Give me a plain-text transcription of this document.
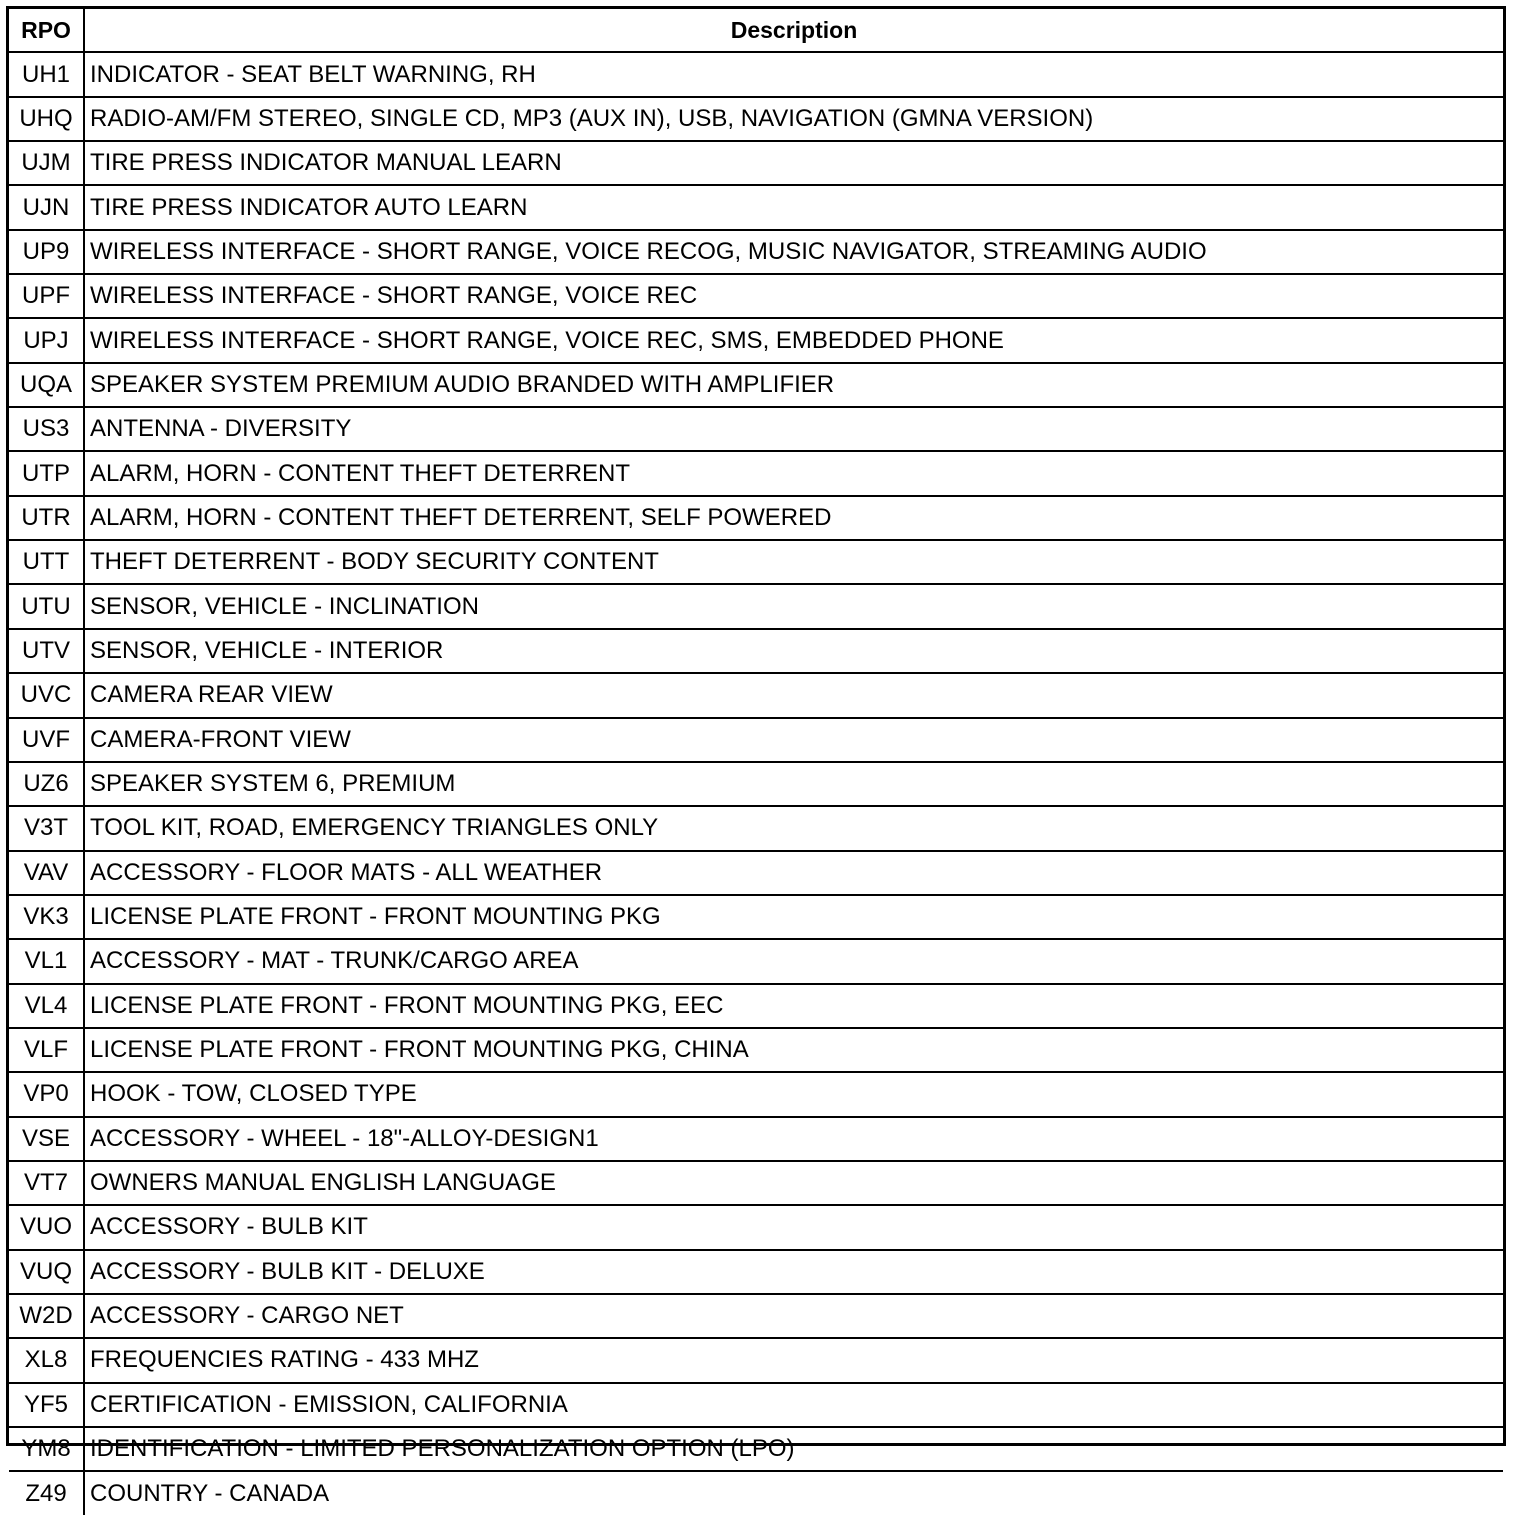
RPO	Description
UH1	INDICATOR - SEAT BELT WARNING, RH
UHQ	RADIO-AM/FM STEREO, SINGLE CD, MP3 (AUX IN), USB, NAVIGATION (GMNA VERSION)
UJM	TIRE PRESS INDICATOR MANUAL LEARN
UJN	TIRE PRESS INDICATOR AUTO LEARN
UP9	WIRELESS INTERFACE - SHORT RANGE, VOICE RECOG, MUSIC NAVIGATOR, STREAMING AUDIO
UPF	WIRELESS INTERFACE - SHORT RANGE, VOICE REC
UPJ	WIRELESS INTERFACE - SHORT RANGE, VOICE REC, SMS, EMBEDDED PHONE
UQA	SPEAKER SYSTEM PREMIUM AUDIO BRANDED WITH AMPLIFIER
US3	ANTENNA - DIVERSITY
UTP	ALARM, HORN - CONTENT THEFT DETERRENT
UTR	ALARM, HORN - CONTENT THEFT DETERRENT, SELF POWERED
UTT	THEFT DETERRENT - BODY SECURITY CONTENT
UTU	SENSOR, VEHICLE - INCLINATION
UTV	SENSOR, VEHICLE - INTERIOR
UVC	CAMERA REAR VIEW
UVF	CAMERA-FRONT VIEW
UZ6	SPEAKER SYSTEM 6, PREMIUM
V3T	TOOL KIT, ROAD, EMERGENCY TRIANGLES ONLY
VAV	ACCESSORY - FLOOR MATS - ALL WEATHER
VK3	LICENSE PLATE FRONT - FRONT MOUNTING PKG
VL1	ACCESSORY - MAT - TRUNK/CARGO AREA
VL4	LICENSE PLATE FRONT - FRONT MOUNTING PKG, EEC
VLF	LICENSE PLATE FRONT - FRONT MOUNTING PKG, CHINA
VP0	HOOK - TOW, CLOSED TYPE
VSE	ACCESSORY - WHEEL - 18"-ALLOY-DESIGN1
VT7	OWNERS MANUAL ENGLISH LANGUAGE
VUO	ACCESSORY - BULB KIT
VUQ	ACCESSORY - BULB KIT - DELUXE
W2D	ACCESSORY - CARGO NET
XL8	FREQUENCIES RATING - 433 MHZ
YF5	CERTIFICATION - EMISSION, CALIFORNIA
YM8	IDENTIFICATION - LIMITED PERSONALIZATION OPTION (LPO)
Z49	COUNTRY - CANADA
